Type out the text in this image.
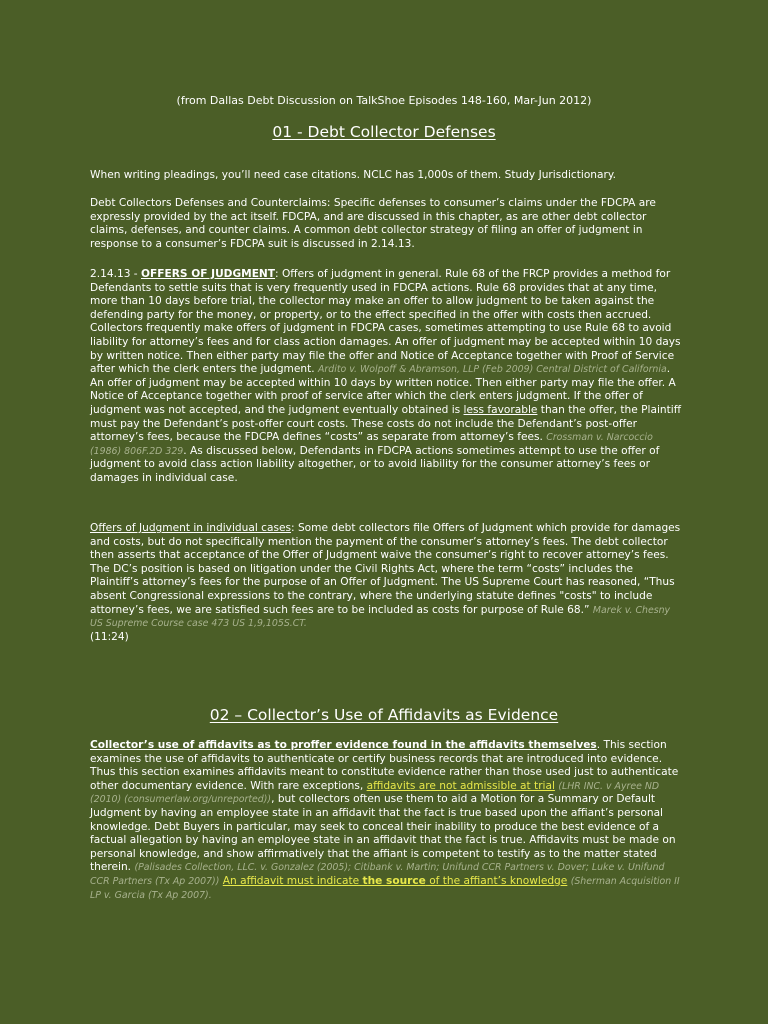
(from Dallas Debt Discussion on TalkShoe Episodes 148-160, Mar-Jun 2012)

01 - Debt Collector Defenses

When writing pleadings, you’ll need case citations. NCLC has 1,000s of them. Study Jurisdictionary.

Debt Collectors Defenses and Counterclaims: Specific defenses to consumer’s claims under the FDCPA are expressly provided by the act itself. FDCPA, and are discussed in this chapter, as are other debt collector claims, defenses, and counter claims. A common debt collector strategy of filing an offer of judgment in response to a consumer’s FDCPA suit is discussed in 2.14.13.

2.14.13 - OFFERS OF JUDGMENT: Offers of judgment in general. Rule 68 of the FRCP provides a method for Defendants to settle suits that is very frequently used in FDCPA actions. Rule 68 provides that at any time, more than 10 days before trial, the collector may make an offer to allow judgment to be taken against the defending party for the money, or property, or to the effect specified in the offer with costs then accrued. Collectors frequently make offers of judgment in FDCPA cases, sometimes attempting to use Rule 68 to avoid liability for attorney’s fees and for class action damages. An offer of judgment may be accepted within 10 days by written notice. Then either party may file the offer and Notice of Acceptance together with Proof of Service after which the clerk enters the judgment. Ardito v. Wolpoff & Abramson, LLP (Feb 2009) Central District of California. An offer of judgment may be accepted within 10 days by written notice. Then either party may file the offer. A Notice of Acceptance together with proof of service after which the clerk enters judgment. If the offer of judgment was not accepted, and the judgment eventually obtained is less favorable than the offer, the Plaintiff must pay the Defendant’s post-offer court costs. These costs do not include the Defendant’s post-offer attorney’s fees, because the FDCPA defines “costs” as separate from attorney’s fees. Crossman v. Narcoccio (1986) 806F.2D 329. As discussed below, Defendants in FDCPA actions sometimes attempt to use the offer of judgment to avoid class action liability altogether, or to avoid liability for the consumer attorney’s fees or damages in individual case.

Offers of Judgment in individual cases: Some debt collectors file Offers of Judgment which provide for damages and costs, but do not specifically mention the payment of the consumer’s attorney’s fees. The debt collector then asserts that acceptance of the Offer of Judgment waive the consumer’s right to recover attorney’s fees. The DC’s position is based on litigation under the Civil Rights Act, where the term “costs” includes the Plaintiff’s attorney’s fees for the purpose of an Offer of Judgment. The US Supreme Court has reasoned, “Thus absent Congressional expressions to the contrary, where the underlying statute defines "costs" to include attorney’s fees, we are satisfied such fees are to be included as costs for purpose of Rule 68.” Marek v. Chesny US Supreme Course case 473 US 1,9,105S.CT.
(11:24)

02 – Collector’s Use of Affidavits as Evidence

Collector’s use of affidavits as to proffer evidence found in the affidavits themselves. This section examines the use of affidavits to authenticate or certify business records that are introduced into evidence. Thus this section examines affidavits meant to constitute evidence rather than those used just to authenticate other documentary evidence. With rare exceptions, affidavits are not admissible at trial (LHR INC. v Ayree ND (2010) (consumerlaw.org/unreported)), but collectors often use them to aid a Motion for a Summary or Default Judgment by having an employee state in an affidavit that the fact is true based upon the affiant’s personal knowledge. Debt Buyers in particular, may seek to conceal their inability to produce the best evidence of a factual allegation by having an employee state in an affidavit that the fact is true. Affidavits must be made on personal knowledge, and show affirmatively that the affiant is competent to testify as to the matter stated therein. (Palisades Collection, LLC. v. Gonzalez (2005); Citibank v. Martin; Unifund CCR Partners v. Dover; Luke v. Unifund CCR Partners (Tx Ap 2007)) An affidavit must indicate the source of the affiant’s knowledge (Sherman Acquisition II LP v. Garcia (Tx Ap 2007).
